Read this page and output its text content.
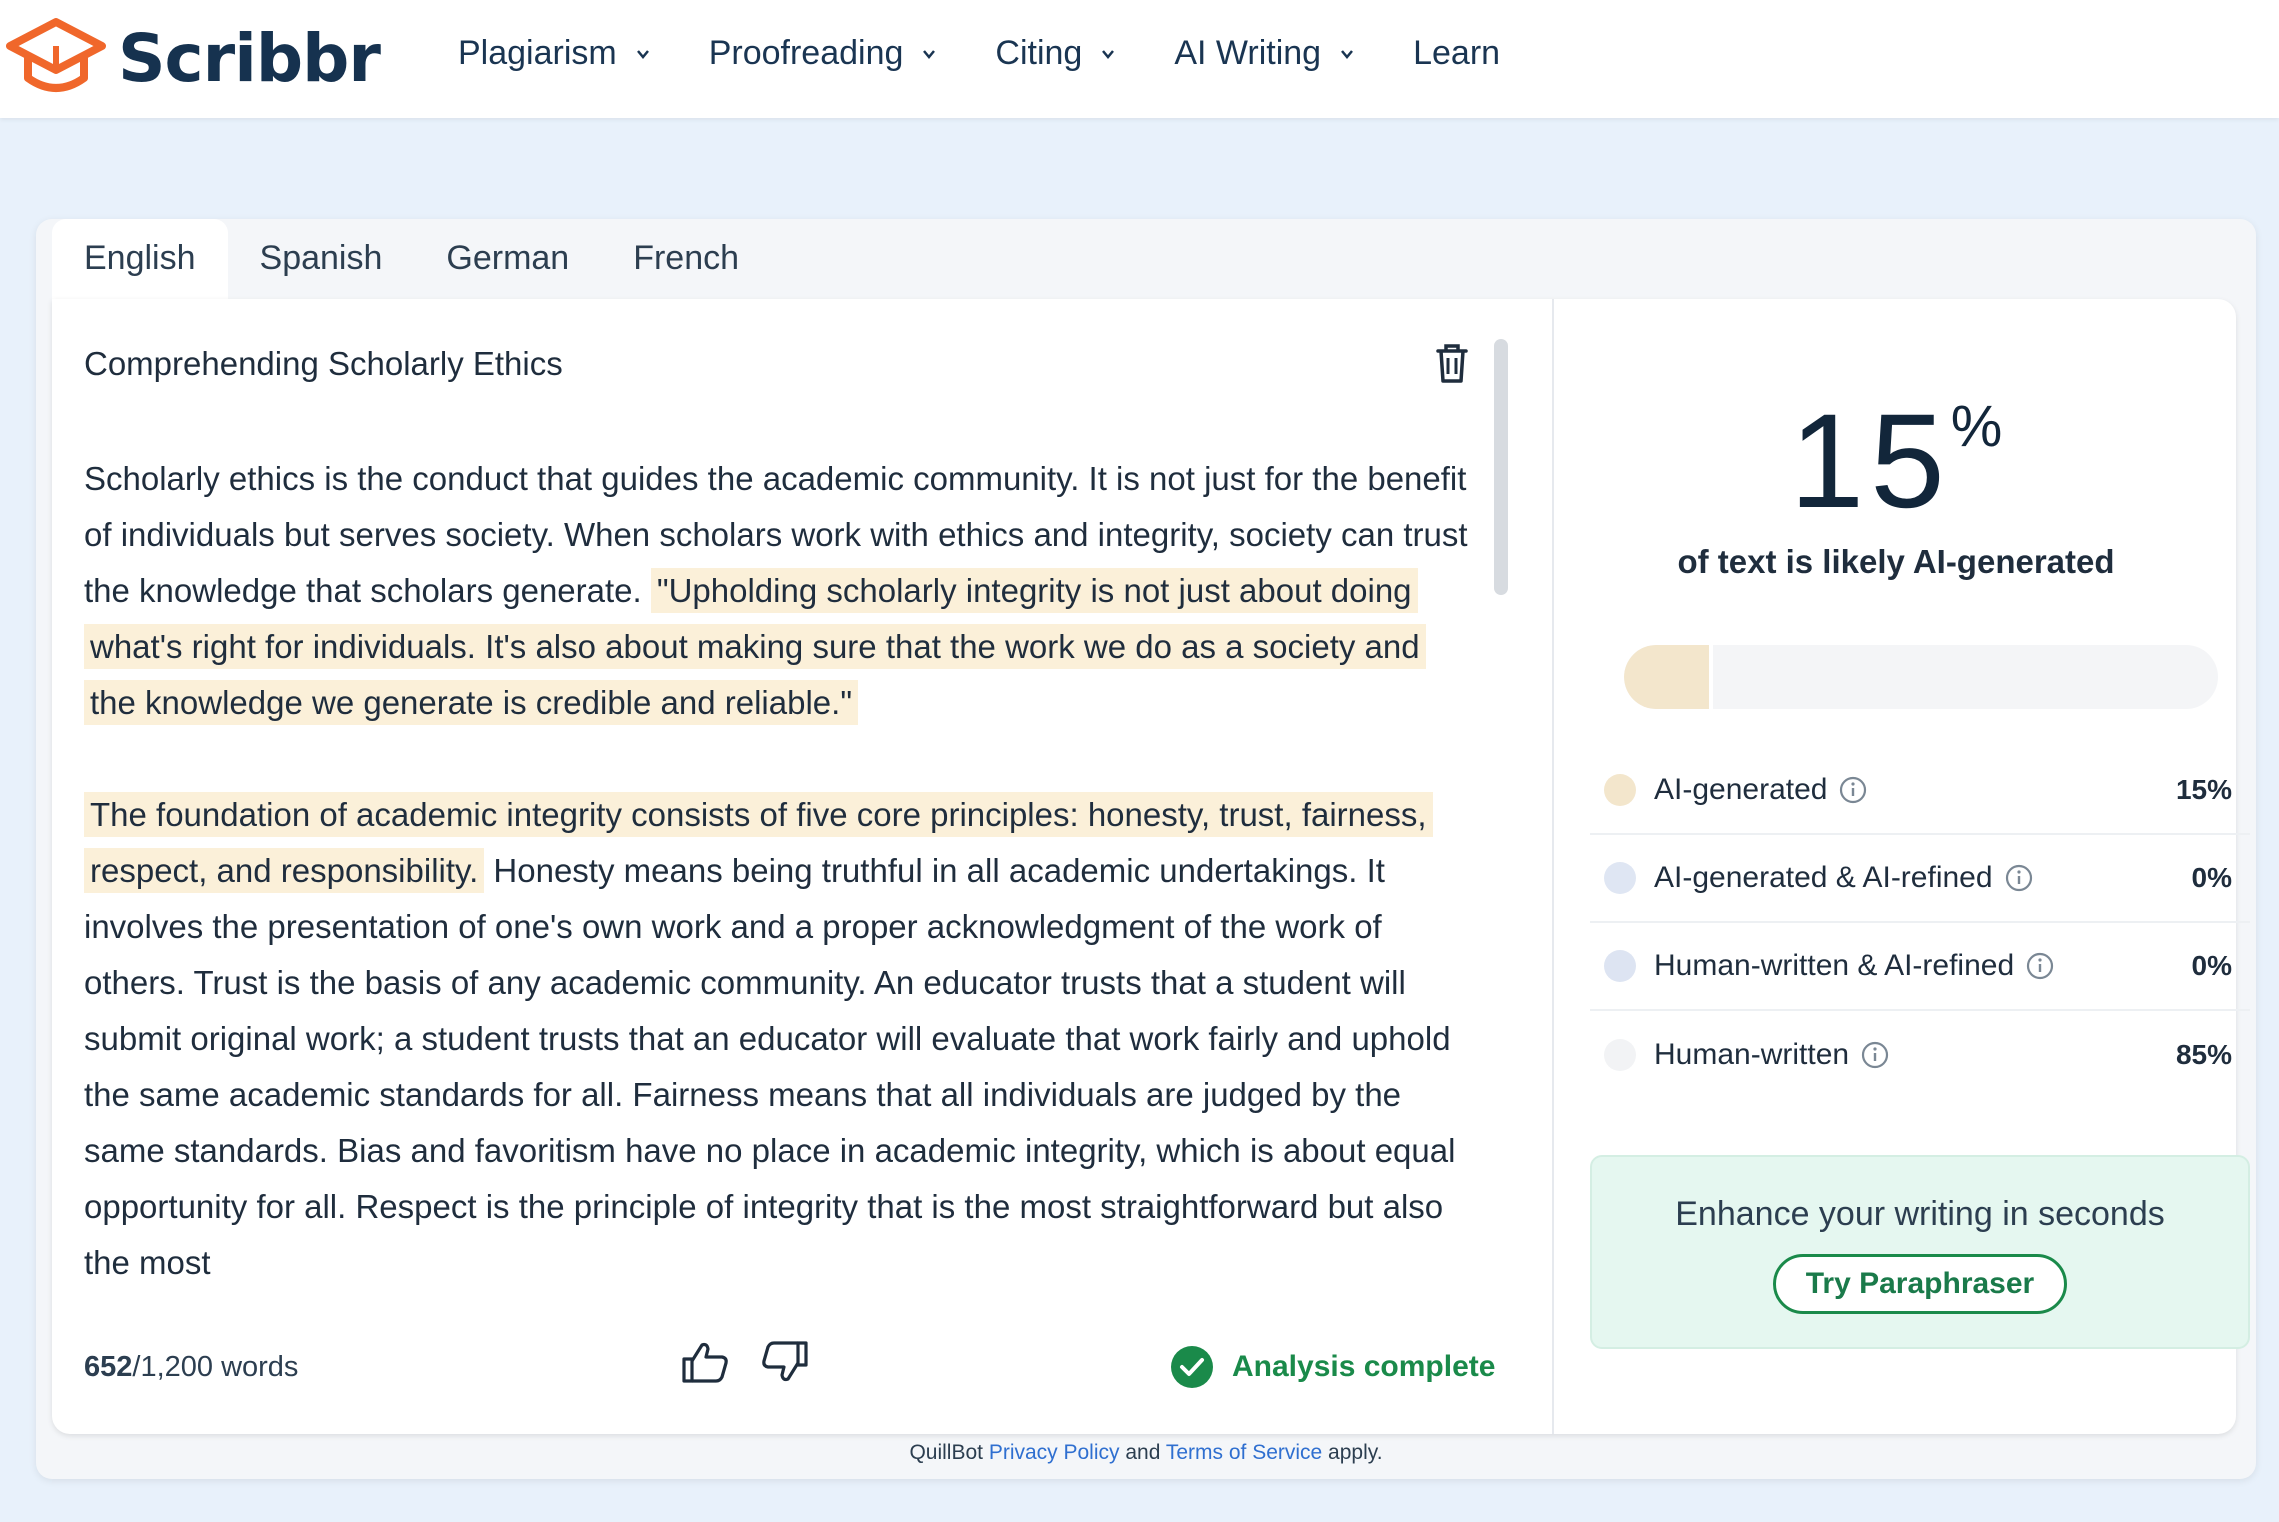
Scribbr Plagiarism	Proofreading	Citing	AI Writing	Learn
English	Spanish	German	French
Comprehending Scholarly Ethics

Scholarly ethics is the conduct that guides the academic community. It is not just for the benefit of individuals but serves society. When scholars work with ethics and integrity, society can trust the knowledge that scholars generate. "Upholding scholarly integrity is not just about doing what's right for individuals. It's also about making sure that the work we do as a society and the knowledge we generate is credible and reliable."

The foundation of academic integrity consists of five core principles: honesty, trust, fairness, respect, and responsibility. Honesty means being truthful in all academic undertakings. It involves the presentation of one's own work and a proper acknowledgment of the work of others. Trust is the basis of any academic community. An educator trusts that a student will submit original work; a student trusts that an educator will evaluate that work fairly and uphold the same academic standards for all. Fairness means that all individuals are judged by the same standards. Bias and favoritism have no place in academic integrity, which is about equal opportunity for all. Respect is the principle of integrity that is the most straightforward but also the most

652/1,200 words	Analysis complete
15%
of text is likely AI-generated
AI-generated	15%
AI-generated & AI-refined	0%
Human-written & AI-refined	0%
Human-written	85%
Enhance your writing in seconds
Try Paraphraser
QuillBot Privacy Policy and Terms of Service apply.
